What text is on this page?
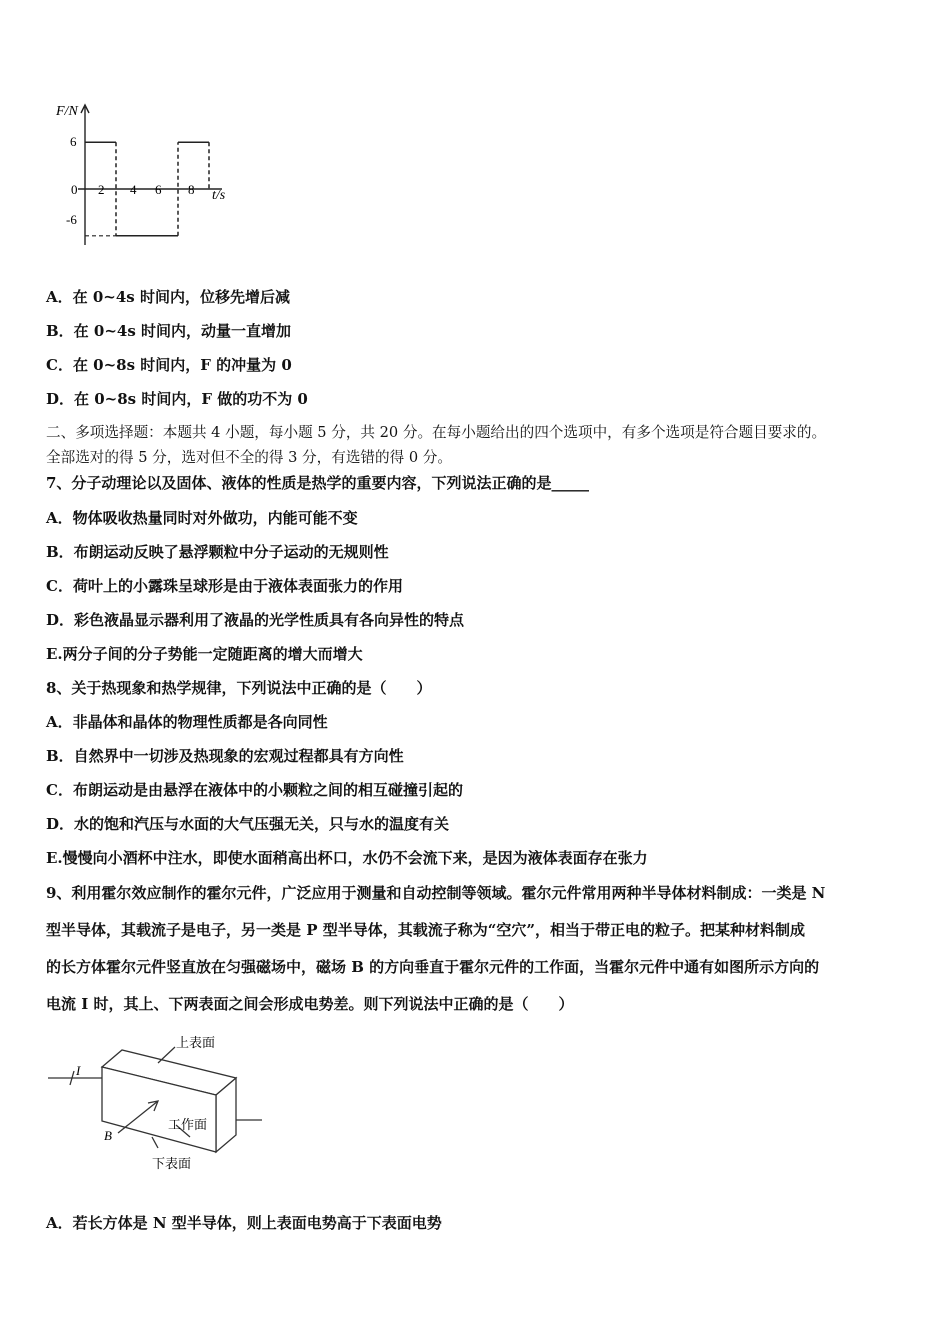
F/N
t/s
6
0
-6
2 4 6 8
A．在 0~4s 时间内，位移先增后减
B．在 0~4s 时间内，动量一直增加
C．在 0~8s 时间内，F 的冲量为 0
D．在 0~8s 时间内，F 做的功不为 0
二、多项选择题：本题共 4 小题，每小题 5 分，共 20 分。在每小题给出的四个选项中，有多个选项是符合题目要求的。
全部选对的得 5 分，选对但不全的得 3 分，有选错的得 0 分。
7、分子动理论以及固体、液体的性质是热学的重要内容，下列说法正确的是_____
A．物体吸收热量同时对外做功，内能可能不变
B．布朗运动反映了悬浮颗粒中分子运动的无规则性
C．荷叶上的小露珠呈球形是由于液体表面张力的作用
D．彩色液晶显示器利用了液晶的光学性质具有各向异性的特点
E.两分子间的分子势能一定随距离的增大而增大
8、关于热现象和热学规律，下列说法中正确的是（　　）
A．非晶体和晶体的物理性质都是各向同性
B．自然界中一切涉及热现象的宏观过程都具有方向性
C．布朗运动是由悬浮在液体中的小颗粒之间的相互碰撞引起的
D．水的饱和汽压与水面的大气压强无关，只与水的温度有关
E.慢慢向小酒杯中注水，即使水面稍高出杯口，水仍不会流下来，是因为液体表面存在张力
9、利用霍尔效应制作的霍尔元件，广泛应用于测量和自动控制等领域。霍尔元件常用两种半导体材料制成：一类是 N
型半导体，其载流子是电子，另一类是 P 型半导体，其载流子称为“空穴”，相当于带正电的粒子。把某种材料制成
的长方体霍尔元件竖直放在匀强磁场中，磁场 B 的方向垂直于霍尔元件的工作面，当霍尔元件中通有如图所示方向的
电流 I 时，其上、下两表面之间会形成电势差。则下列说法中正确的是（　　）
上表面
工作面
下表面
I
B
A．若长方体是 N 型半导体，则上表面电势高于下表面电势
